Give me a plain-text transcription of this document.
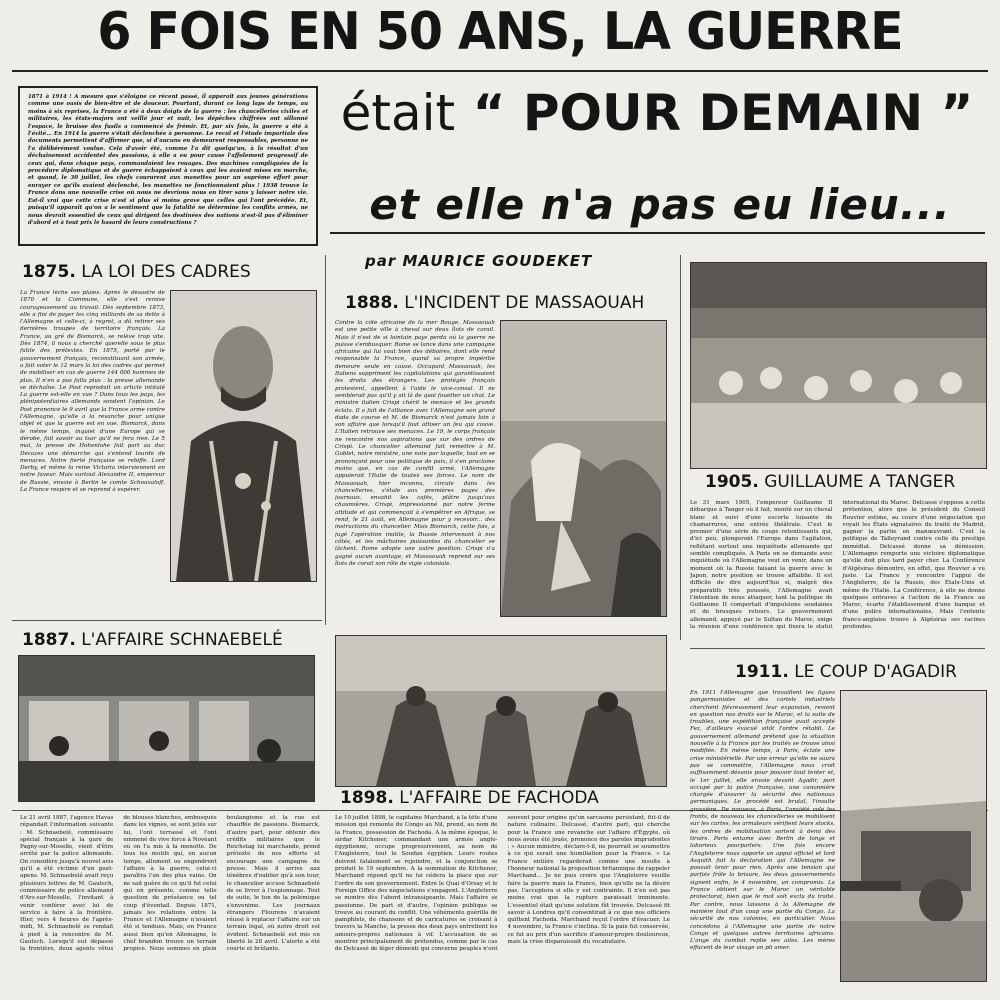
6 FOIS EN 50 ANS, LA GUERRE
1871 à 1914 ! A mesure que s'éloigne ce récent passé, il apparaît aux jeunes générations comme une oasis de bien-être et de douceur. Pourtant, durant ce long laps de temps, au moins à six reprises, la France a été à deux doigts de la guerre : les chancelleries civiles et militaires, les états-majors ont veillé jour et nuit, les dépêches chiffrées ont sillonné l'espace, le bruisse des fusils a commencé de frémir. Et, par six fois, la guerre a été à l'évité... En 1914 la guerre s'était déclenchée à personne. Le recul et l'étude impartiale des documents permettent d'affirmer que, si d'aucuns en demeurent responsables, personne ne l'a délibérément voulue. Cela d'avoir été, comme l'a dit quelqu'un, à la résultat d'un déchaînement accidentel des passions, à elle a eu pour cause l'affolement progressif de ceux qui, dans chaque pays, commandaient les rouages. Des machines compliquées de la procédure diplomatique et de guerre échappaient à ceux qui les avaient mises en marche, et quand, le 30 juillet, les chefs coururent aux manettes pour un suprême effort pour enrayer ce qu'ils avaient déclenché, les manettes ne fonctionnaient plus ! 1938 trouve la France dans une nouvelle crise où nous ne devrions nous en tirer sans y laisser notre vie. Est-il vrai que cette crise n'est si plus si moins grave que celles qui l'ont précédée. Et, puisqu'il apparaît qu'on a le sentiment que la fatalité ne détermine les conflits armés, ne nous devrait essentiel de ceux qui dirigent les destinées des nations n'est-il pas d'éliminer d'abord et à tout prix le hasard de leurs constructions ?
était “ POUR DEMAIN ”
et elle n'a pas eu lieu...
par MAURICE GOUDEKET
1875. LA LOI DES CADRES
La France lèche ses plaies. Après le désastre de 1870 et la Commune, elle s'est remise courageusement au travail. Dès septembre 1873, elle a fini de payer les cinq milliards de sa dette à l'Allemagne et celle-ci, à regret, a dû retirer ses dernières troupes de territoire français. La France, au gré de Bismarck, se relève trop vite. Dès 1874, il nous a cherché querelle sous le plus futile des prétextes. En 1875, porté par le gouvernement français, reconstituant son armée, a fait voter le 12 mars la loi des cadres qui permet de mobiliser en cas de guerre 144 000 hommes de plus. Il n'en a pas fallu plus : la presse allemande se déchaîne. Le Post reproduit un article intitulé La guerre est-elle en vue ? Dans tous les pays, les plénipotentiaires allemands sondent l'opinion. Le Post prononce le 9 avril que la France arme contre l'Allemagne, qu'elle a la revanche pour unique objet et que la guerre est en vue. Bismarck, dans le même temps, inquiet d'une Europe qui se dérobe, fait savoir au tsar qu'il ne fera rien. Le 5 mai, la presse de Hohenlohe fait part au duc Decazes une démarche qui s'entend lourde de menaces. Notre fierté française se rebiffe. Lord Derby, et même la reine Victoria interviennent en notre faveur. Mais surtout Alexandre II, empereur de Russie, envoie à Berlin le comte Schouvaloff. La France respire et se reprend à espérer.
1887. L'AFFAIRE SCHNAEBELÉ
Le 21 avril 1887, l'agence Havas répandait l'information suivante : M. Schnaebelé, commissaire spécial français à la gare de Pagny-sur-Moselle, vient d'être arrêté par la police allemande. On considère jusqu'à nouvel avis qu'il a été victime d'un guet-apens. M. Schnaebelé avait reçu plusieurs lettres de M. Gautsch, commissaire de police allemand d'Ars-sur-Moselle, l'invitant à venir conférer avec lui de service à faire à la frontière. Hier, vers 4 heures de l'après-midi, M. Schnaebelé se rendait à pied à la rencontre de M. Gautsch. Lorsqu'il eut dépassé la frontière, deux agents vêtus de blouses blanches, embusqués dans les vignes, se sont jetés sur lui, l'ont terrassé et l'ont emmené de vive force à Novéant où on l'a mis à la menotte. De tous les motifs qui, en aucun temps, allument ou engendrent l'affaire à la guerre, celui-ci paraîtra l'un des plus vains. On ne sait guère de ce qu'il fut celui qui en présente, comme telle question de préséance ou tel coup d'éventail. Depuis 1871, jamais les relations entre la France et l'Allemagne n'avaient été si tendues. Mais, en France aussi bien qu'en Allemagne, le chef brandon trouve un terrain propice. Nous sommes en plein boulangisme et la rue est chauffée de passions. Bismarck, d'autre part, pour obtenir des crédits militaires que le Reichstag lui marchande, prend prétexte de nos efforts et encourage une campagne de presse. Mais il arrive aux ténèbres d'oublier qu'à son tour, le chancelier accuse Schnaebelé de se livrer à l'espionnage. Tout de suite, le ton de la polémique s'envenime. Les journaux étrangers Flourens n'avaient réussi à replacer l'affaire sur un terrain légal, où notre droit est évident. Schnaebelé est mis en liberté le 28 avril. L'alerte a été courte et brûlante.
1888. L'INCIDENT DE MASSAOUAH
Contre la côte africaine de la mer Rouge, Massaouah est une petite ville à cheval sur deux îlots de corail. Mais il n'est de si lointain pays perdu où la guerre ne puisse s'embusquer. Rome se lance dans une campagne africaine qui lui vaut bien des déboires, dont elle rend responsable la France, quand sa propre impéritie demeure seule en cause. Occupant Massaouah, les Italiens suppriment les capitulations qui garantissaient les droits des étrangers. Les protégés français protestent, appellent à l'aide le vice-consul. Il ne semblerait pas qu'il y ait là de quoi fouetter un chat. Le ministre italien Crispi chérit le menace et les grands éclats. Il a fait de l'alliance avec l'Allemagne son grand dada de course et M. de Bismarck n'est jamais loin à son affaire que lorsqu'il faut attiser un feu qui couve. L'Italien retrouve ses menaces. Le 19, le corps français ne rencontre nos aspirations que sur des ordres de Crispi. Le chancelier allemand fait remettre à M. Goblet, notre ministre, une note par laquelle, tout en se prononçant pour une politique de paix, il s'en proclame moins que, en cas de conflit armé, l'Allemagne appuierait l'Italie de toutes ses forces. Le nom de Massaouah, hier inconnu, circule dans les chancelleries, s'étale aux premières pages des journaux, envahit les cafés, plâtre jusqu'aux chaumières. Crispi, impressionné par notre ferme attitude et qui commençait à s'empêtrer en Afrique, se rend, le 21 août, en Allemagne pour y recevoir... des instructions du chancelier. Mais Bismarck, cette fois, a jugé l'opération inutile, la Russie intervenant à nos côtés, et les mâchoires puissantes du chancelier se lâchent. Rome adopte une autre position. Crispi n'a gagné aucun avantage, et Massaouah reprend sur ses îlots de corail son rôle de vigie coloniale.
1898. L'AFFAIRE DE FACHODA
Le 10 juillet 1898, le capitaine Marchand, à la tête d'une mission qui remonte du Congo au Nil, prend, au nom de la France, possession de Fachoda. A la même époque, le sirdar Kitchener, commandant une armée anglo-égyptienne, occupe progressivement, au nom de l'Angleterre, tout le Soudan égyptien. Leurs routes doivent fatalement se rejoindre, et la conjonction se produit le 19 septembre. A la sommation de Kitchener, Marchand répond qu'il ne lui cédera la place que sur l'ordre de son gouvernement. Entre le Quai d'Orsay et le Foreign Office des négociations s'engagent. L'Angleterre se montre dès l'abord intransigeante. Mais l'affaire se passionne. De part et d'autre, l'opinion publique se trouve au courant du conflit. Une véhémente guérilla de pamphlets, de chansons et de caricatures se croisant à travers la Manche, la presse des deux pays entretient les amours-propres nationaux à vif. L'accusation de se montrer principalement de prétendus, comme par le cas de Delcassé de léger démenti qui concerne peuples n'ont souvent pour origine qu'un sarcasme persistant, fût-il de nature culinaire. Delcassé, d'autre part, qui cherche pour la France une revanche sur l'affaire d'Égypte, où nous avons été joués, prononce des paroles imprudentes : « Aucun ministre, déclare-t-il, ne pourrait se soumettre à ce qui serait une humiliation pour la France. » La France entière regarderait comme une insulte à l'honneur national la proposition britannique de rappeler Marchand... Je ne puis croire que l'Angleterre veuille faire la guerre mais la France, bien qu'elle ne la désire pas, l'acceptera si elle y est contrainte. Il n'en est pas moins vrai que la rupture paraissait imminente. L'essentiel était qu'une solution fût trouvée. Delcassé fit savoir à Londres qu'il consentirait à ce que nos officiers quittent Fachoda. Marchand reçut l'ordre d'évacuer. Le 4 novembre, la France s'inclina. Si la paix fut conservée, ce fut au prix d'un sacrifice d'amour-propre douloureux, mais la crise disparaissait du vocabulaire.
1905. GUILLAUME A TANGER
Le 31 mars 1905, l'empereur Guillaume II débarque à Tanger où il fait, monté sur un cheval blanc et suivi d'une escorte luisante de chamarrures, une entrée théâtrale. C'est le premier d'une série de coups retentissants qui, d'ici peu, plongeront l'Europe dans l'agitation, reflétant surtout une inquiétude allemande qui semble compliquée. A Paris on se demande avec inquiétude où l'Allemagne veut en venir, dans un moment où la Russie faisant la guerre avec le Japon, notre position se trouve affaiblie. Il est difficile de dire aujourd'hui si, malgré des préparatifs très poussés, l'Allemagne avait l'intention de nous attaquer, tant la politique de Guillaume II comportait d'impulsions soudaines et de brusques retours. Le gouvernement allemand, appuyé par le Sultan du Maroc, exige la réunion d'une conférence qui fixera le statut international du Maroc. Delcassé s'oppose à cette prétention, alors que le président du Conseil Rouvier estime, au cours d'une négociation qui voyait les États signataires du traité de Madrid, gagner la partie en manœuvrant. C'est la politique de Talleyrand contre celle du prestige immédiat. Delcassé donne sa démission. L'Allemagne remporte une victoire diplomatique qu'elle doit plus tard payer cher. La Conférence d'Algésiras démontre, en effet, que Rouvier a vu juste. La France y rencontre l'appui de l'Angleterre, de la Russie, des États-Unis et même de l'Italie. La Conférence, à elle ne donne quelques entraves à l'action de la France au Maroc, écarte l'établissement d'une banque et d'une police internationales. Mais l'entente franco-anglaise trouve à Algésiras ses racines profondes.
1911. LE COUP D'AGADIR
En 1911 l'Allemagne que travaillent les ligues pangermanistes et des cartels industriels cherchent fiévreusement leur expansion, revient en question nos droits sur le Maroc, et la suite de troubles, une expédition française avait accepté Fez, d'ailleurs évacué sitôt l'ordre rétabli. Le gouvernement allemand prétend que la situation nouvelle à la France par les traités se trouve ainsi modifiée. En même temps, à Paris, éclate une crise ministérielle. Par une erreur qu'elle ne saura pas se commettre, l'Allemagne nous croit suffisamment désunis pour pouvoir tout tenter et, le 1er juillet, elle envoie devant Agadir, port occupé par la police française, une canonnière chargée d'assurer la sécurité des nationaux germaniques. Le procédé est brutal, l'insulte grossière. De nouveau, à Paris, l'anxiété vole les fronts, de nouveau les chancelleries se mobilisent sur les cartes, les armateurs vérifient leurs stocks, les ordres de mobilisation sortent à demi des tiroirs. Paris entame avec Berlin de longs et laborieux pourparlers. Une fois encore l'Angleterre nous apporte un appui officiel et lord Asquith fait la déclaration qui l'Allemagne ne pouvait tenir pour rien. Après une tension qui parfois frôle la brisure, les deux gouvernements signent enfin, le 4 novembre, un compromis. La France obtient sur le Maroc un véritable protectorat, bien que le mot soit exclu du traité. Par contre, nous laissons à la Allemagne de manière tout d'un coup une partie du Congo. La sécurité de nos colonies, en particulier. Nous concédons à l'Allemagne une partie de notre Congo et quelques autres territoires africains. L'ange du combat replie ses ailes. Les mères effacent de leur visage un pli amer.
